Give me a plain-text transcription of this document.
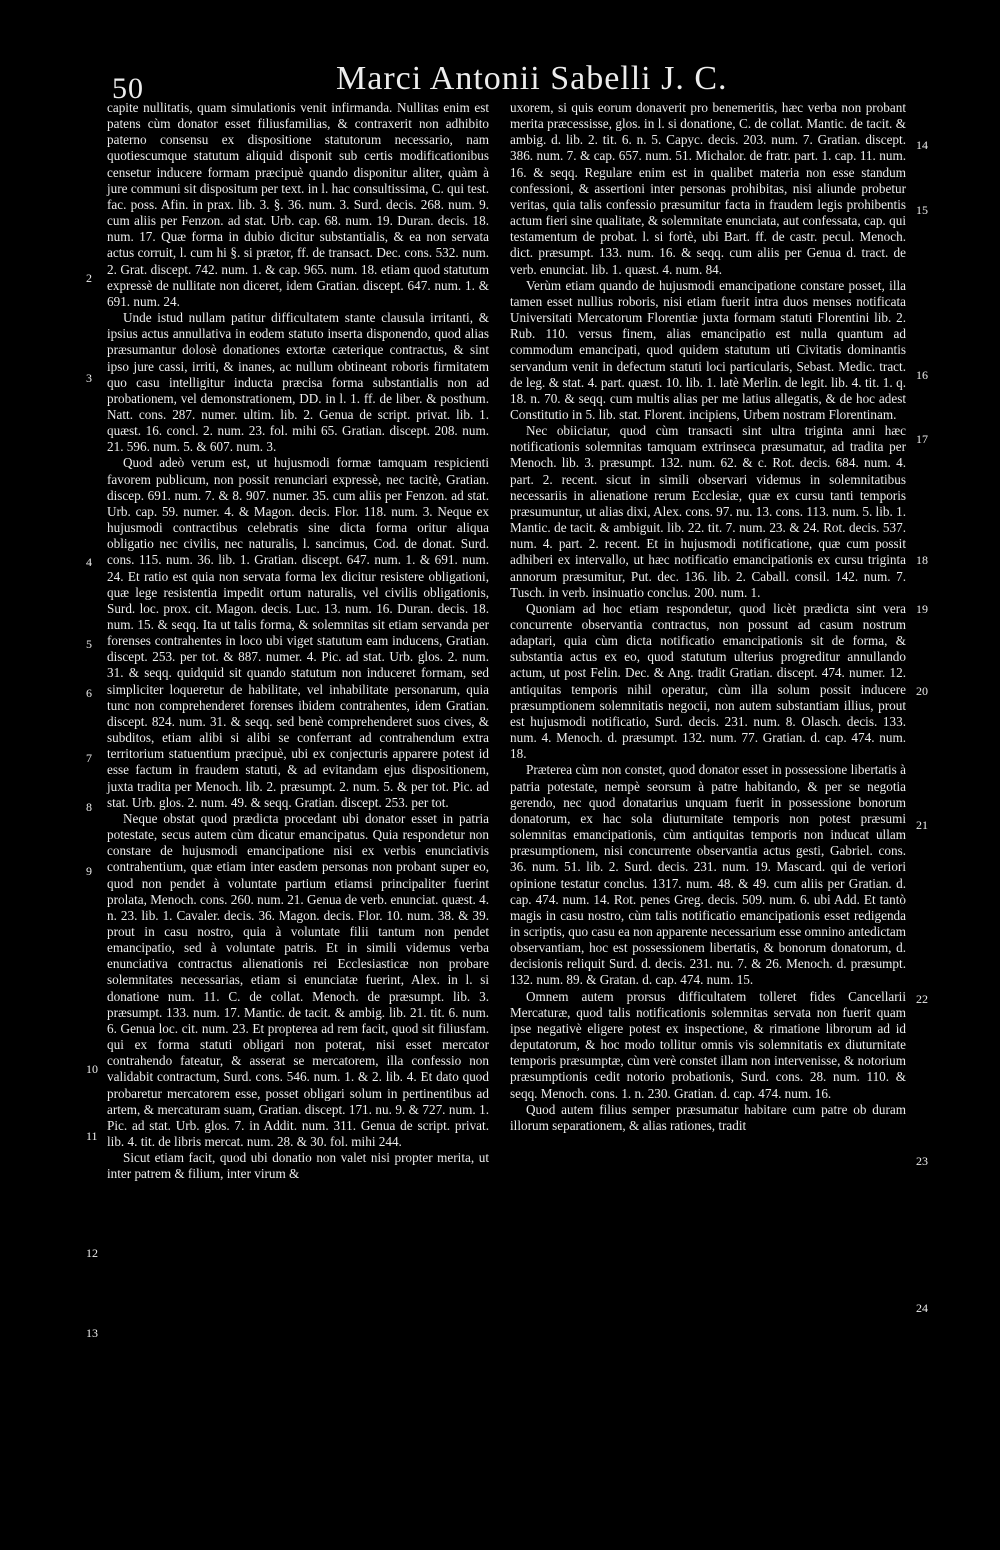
50	Marci Antonii Sabelli J. C.

capite nullitatis, quam simulationis venit infirmanda. Nullitas enim est patens cùm donator esset filiusfamilias, & contraxerit non adhibito paterno consensu ex dispositione statutorum necessario, nam quotiescumque statutum aliquid disponit sub certis modificationibus censetur inducere formam præcipuè quando disponitur aliter, quàm à jure communi sit dispositum per text. in l. hac consultissima, C. qui test. fac. poss. Afin. in prax. lib. 3. §. 36. num. 3. Surd. decis. 268. num. 9. cum aliis per Fenzon. ad stat. Urb. cap. 68. num. 19. Duran. decis. 18. num. 17. Quæ forma in dubio dicitur substantialis, & ea non servata actus corruit, l. cum hi §. si prætor, ff. de transact. Dec. cons. 532. num. 2. Grat. discept. 742. num. 1. & cap. 965. num. 18. etiam quod statutum expressè de nullitate non diceret, idem Gratian. discept. 647. num. 1. & 691. num. 24.

Unde istud nullam patitur difficultatem stante clausula irritanti, & ipsius actus annullativa in eodem statuto inserta disponendo, quod alias præsumantur dolosè donationes extortæ cæterique contractus, & sint ipso jure cassi, irriti, & inanes, ac nullum obtineant roboris firmitatem quo casu intelligitur inducta præcisa forma substantialis non ad probationem, vel demonstrationem, DD. in l. 1. ff. de liber. & posthum. Natt. cons. 287. numer. ultim. lib. 2. Genua de script. privat. lib. 1. quæst. 16. concl. 2. num. 23. fol. mihi 65. Gratian. discept. 208. num. 21. 596. num. 5. & 607. num. 3.

Quod adeò verum est, ut hujusmodi formæ tamquam respicienti favorem publicum, non possit renunciari expressè, nec tacitè, Gratian. discep. 691. num. 7. & 8. 907. numer. 35. cum aliis per Fenzon. ad stat. Urb. cap. 59. numer. 4. & Magon. decis. Flor. 118. num. 3. Neque ex hujusmodi contractibus celebratis sine dicta forma oritur aliqua obligatio nec civilis, nec naturalis, l. sancimus, Cod. de donat. Surd. cons. 115. num. 36. lib. 1. Gratian. discept. 647. num. 1. & 691. num. 24. Et ratio est quia non servata forma lex dicitur resistere obligationi, quæ lege resistentia impedit ortum naturalis, vel civilis obligationis, Surd. loc. prox. cit. Magon. decis. Luc. 13. num. 16. Duran. decis. 18. num. 15. & seqq. Ita ut talis forma, & solemnitas sit etiam servanda per forenses contrahentes in loco ubi viget statutum eam inducens, Gratian. discept. 253. per tot. & 887. numer. 4. Pic. ad stat. Urb. glos. 2. num. 31. & seqq. quidquid sit quando statutum non induceret formam, sed simpliciter loqueretur de habilitate, vel inhabilitate personarum, quia tunc non comprehenderet forenses ibidem contrahentes, idem Gratian. discept. 824. num. 31. & seqq. sed benè comprehenderet suos cives, & subditos, etiam alibi si alibi se conferrant ad contrahendum extra territorium statuentium præcipuè, ubi ex conjecturis apparere potest id esse factum in fraudem statuti, & ad evitandam ejus dispositionem, juxta tradita per Menoch. lib. 2. præsumpt. 2. num. 5. & per tot. Pic. ad stat. Urb. glos. 2. num. 49. & seqq. Gratian. discept. 253. per tot.

Neque obstat quod prædicta procedant ubi donator esset in patria potestate, secus autem cùm dicatur emancipatus. Quia respondetur non constare de hujusmodi emancipatione nisi ex verbis enunciativis contrahentium, quæ etiam inter easdem personas non probant super eo, quod non pendet à voluntate partium etiamsi principaliter fuerint prolata, Menoch. cons. 260. num. 21. Genua de verb. enunciat. quæst. 4. n. 23. lib. 1. Cavaler. decis. 36. Magon. decis. Flor. 10. num. 38. & 39. prout in casu nostro, quia à voluntate filii tantum non pendet emancipatio, sed à voluntate patris. Et in simili videmus verba enunciativa contractus alienationis rei Ecclesiasticæ non probare solemnitates necessarias, etiam si enunciatæ fuerint, Alex. in l. si donatione num. 11. C. de collat. Menoch. de præsumpt. lib. 3. præsumpt. 133. num. 17. Mantic. de tacit. & ambig. lib. 21. tit. 6. num. 6. Genua loc. cit. num. 23. Et propterea ad rem facit, quod sit filiusfam. qui ex forma statuti obligari non poterat, nisi esset mercator contrahendo fateatur, & asserat se mercatorem, illa confessio non validabit contractum, Surd. cons. 546. num. 1. & 2. lib. 4. Et dato quod probaretur mercatorem esse, posset obligari solum in pertinentibus ad artem, & mercaturam suam, Gratian. discept. 171. nu. 9. & 727. num. 1. Pic. ad stat. Urb. glos. 7. in Addit. num. 311. Genua de script. privat. lib. 4. tit. de libris mercat. num. 28. & 30. fol. mihi 244.

Sicut etiam facit, quod ubi donatio non valet nisi propter merita, ut inter patrem & filium, inter virum &

uxorem, si quis eorum donaverit pro benemeritis, hæc verba non probant merita præcessisse, glos. in l. si donatione, C. de collat. Mantic. de tacit. & ambig. d. lib. 2. tit. 6. n. 5. Capyc. decis. 203. num. 7. Gratian. discept. 386. num. 7. & cap. 657. num. 51. Michalor. de fratr. part. 1. cap. 11. num. 16. & seqq. Regulare enim est in qualibet materia non esse standum confessioni, & assertioni inter personas prohibitas, nisi aliunde probetur veritas, quia talis confessio præsumitur facta in fraudem legis prohibentis actum fieri sine qualitate, & solemnitate enunciata, aut confessata, cap. qui testamentum de probat. l. si fortè, ubi Bart. ff. de castr. pecul. Menoch. dict. præsumpt. 133. num. 16. & seqq. cum aliis per Genua d. tract. de verb. enunciat. lib. 1. quæst. 4. num. 84.

Verùm etiam quando de hujusmodi emancipatione constare posset, illa tamen esset nullius roboris, nisi etiam fuerit intra duos menses notificata Universitati Mercatorum Florentiæ juxta formam statuti Florentini lib. 2. Rub. 110. versus finem, alias emancipatio est nulla quantum ad commodum emancipati, quod quidem statutum uti Civitatis dominantis servandum venit in defectum statuti loci particularis, Sebast. Medic. tract. de leg. & stat. 4. part. quæst. 10. lib. 1. latè Merlin. de legit. lib. 4. tit. 1. q. 18. n. 70. & seqq. cum multis alias per me latius allegatis, & de hoc adest Constitutio in 5. lib. stat. Florent. incipiens, Urbem nostram Florentinam.

Nec obiiciatur, quod cùm transacti sint ultra triginta anni hæc notificationis solemnitas tamquam extrinseca præsumatur, ad tradita per Menoch. lib. 3. præsumpt. 132. num. 62. & c. Rot. decis. 684. num. 4. part. 2. recent. sicut in simili observari videmus in solemnitatibus necessariis in alienatione rerum Ecclesiæ, quæ ex cursu tanti temporis præsumuntur, ut alias dixi, Alex. cons. 97. nu. 13. cons. 113. num. 5. lib. 1. Mantic. de tacit. & ambiguit. lib. 22. tit. 7. num. 23. & 24. Rot. decis. 537. num. 4. part. 2. recent. Et in hujusmodi notificatione, quæ cum possit adhiberi ex intervallo, ut hæc notificatio emancipationis ex cursu triginta annorum præsumitur, Put. dec. 136. lib. 2. Caball. consil. 142. num. 7. Tusch. in verb. insinuatio conclus. 200. num. 1.

Quoniam ad hoc etiam respondetur, quod licèt prædicta sint vera concurrente observantia contractus, non possunt ad casum nostrum adaptari, quia cùm dicta notificatio emancipationis sit de forma, & substantia actus ex eo, quod statutum ulterius progreditur annullando actum, ut post Felin. Dec. & Ang. tradit Gratian. discept. 474. numer. 12. antiquitas temporis nihil operatur, cùm illa solum possit inducere præsumptionem solemnitatis negocii, non autem substantiam illius, prout est hujusmodi notificatio, Surd. decis. 231. num. 8. Olasch. decis. 133. num. 4. Menoch. d. præsumpt. 132. num. 77. Gratian. d. cap. 474. num. 18.

Præterea cùm non constet, quod donator esset in possessione libertatis à patria potestate, nempè seorsum à patre habitando, & per se negotia gerendo, nec quod donatarius unquam fuerit in possessione bonorum donatorum, ex hac sola diuturnitate temporis non potest præsumi solemnitas emancipationis, cùm antiquitas temporis non inducat ullam præsumptionem, nisi concurrente observantia actus gesti, Gabriel. cons. 36. num. 51. lib. 2. Surd. decis. 231. num. 19. Mascard. qui de veriori opinione testatur conclus. 1317. num. 48. & 49. cum aliis per Gratian. d. cap. 474. num. 14. Rot. penes Greg. decis. 509. num. 6. ubi Add. Et tantò magis in casu nostro, cùm talis notificatio emancipationis esset redigenda in scriptis, quo casu ea non apparente necessarium esse omnino antedictam observantiam, hoc est possessionem libertatis, & bonorum donatorum, d. decisionis reliquit Surd. d. decis. 231. nu. 7. & 26. Menoch. d. præsumpt. 132. num. 89. & Gratan. d. cap. 474. num. 15.

Omnem autem prorsus difficultatem tolleret fides Cancellarii Mercaturæ, quod talis notificationis solemnitas servata non fuerit quam ipse negativè eligere potest ex inspectione, & rimatione librorum ad id deputatorum, & hoc modo tollitur omnis vis solemnitatis ex diuturnitate temporis præsumptæ, cùm verè constet illam non intervenisse, & notorium præsumptionis cedit notorio probationis, Surd. cons. 28. num. 110. & seqq. Menoch. cons. 1. n. 230. Gratian. d. cap. 474. num. 16.

Quod autem filius semper præsumatur habitare cum patre ob duram illorum separationem, & alias rationes, tradit

2
3
4
5
6
7
8
9
10
11
12
13
14
15
16
17
18
19
20
21
22
23
24
